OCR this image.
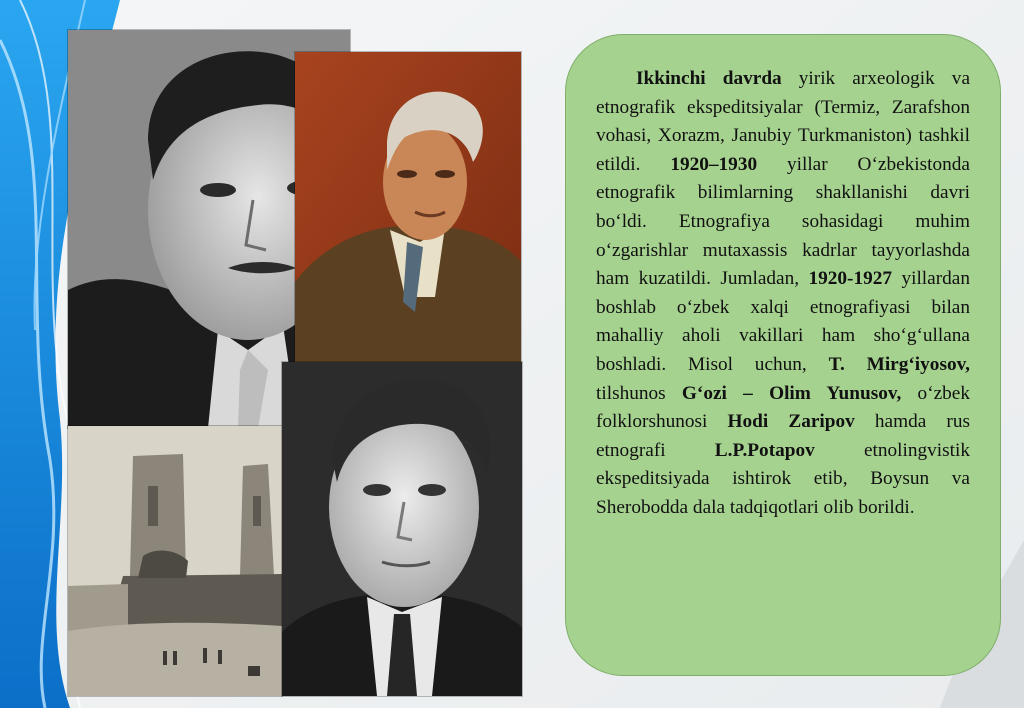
Ikkinchi davrda yirik arxeologik va etnografik ekspeditsiyalar (Termiz, Zarafshon vohasi, Xorazm, Janubiy Turkmaniston) tashkil etildi. 1920–1930 yillar O‘zbekistonda etnografik bilimlarning shakllanishi davri bo‘ldi. Etnografiya sohasidagi muhim o‘zgarishlar mutaxassis kadrlar tayyorlashda ham kuzatildi. Jumladan, 1920-1927 yillardan boshlab o‘zbek xalqi etnografiyasi bilan mahalliy aholi vakillari ham sho‘g‘ullana boshladi. Misol uchun, T. Mirg‘iyosov, tilshunos G‘ozi – Olim Yunusov, o‘zbek folklorshunosi Hodi Zaripov hamda rus etnografi L.P.Potapov etnolingvistik ekspeditsiyada ishtirok etib, Boysun va Sherobodda dala tadqiqotlari olib borildi.
